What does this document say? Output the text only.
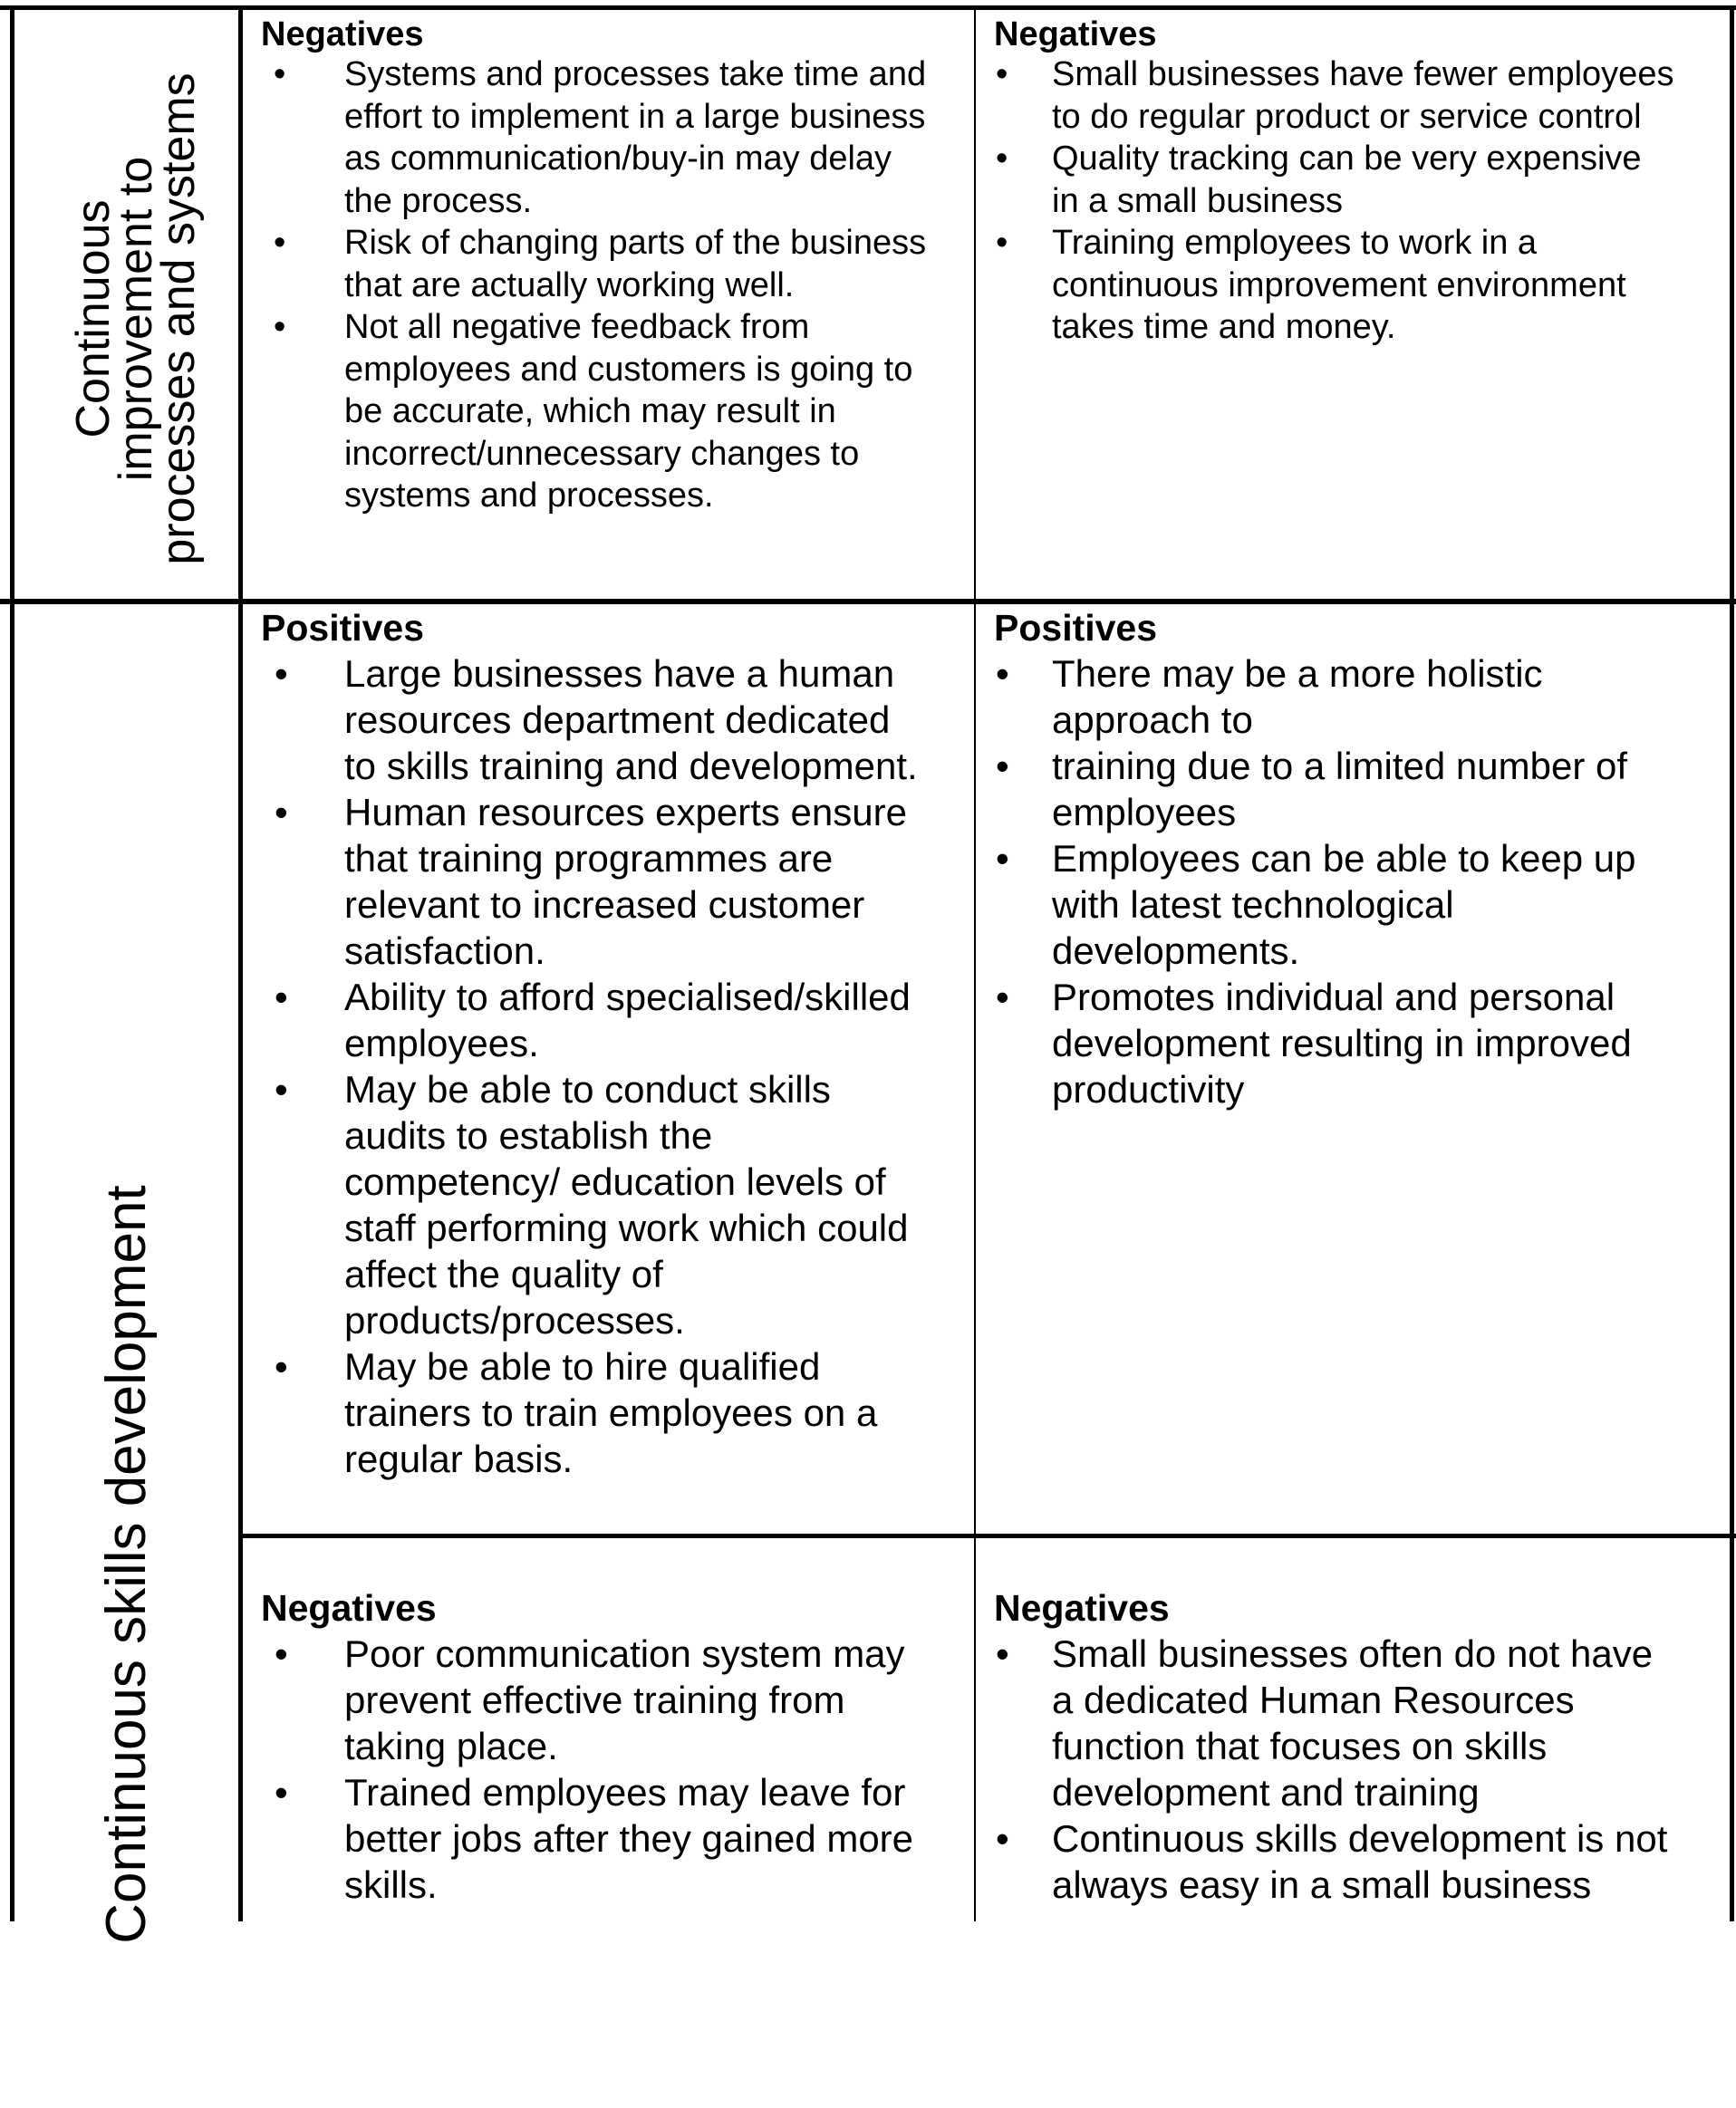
Continuous
improvement to
processes and systems
Continuous skills development
Negatives
• Systems and processes take time and
effort to implement in a large business
as communication/buy-in may delay
the process.
• Risk of changing parts of the business
that are actually working well.
• Not all negative feedback from
employees and customers is going to
be accurate, which may result in
incorrect/unnecessary changes to
systems and processes.
Negatives
• Small businesses have fewer employees
to do regular product or service control
• Quality tracking can be very expensive
in a small business
• Training employees to work in a
continuous improvement environment
takes time and money.
Positives
• Large businesses have a human
resources department dedicated
to skills training and development.
• Human resources experts ensure
that training programmes are
relevant to increased customer
satisfaction.
• Ability to afford specialised/skilled
employees.
• May be able to conduct skills
audits to establish the
competency/ education levels of
staff performing work which could
affect the quality of
products/processes.
• May be able to hire qualified
trainers to train employees on a
regular basis.
Positives
• There may be a more holistic
approach to
• training due to a limited number of
employees
• Employees can be able to keep up
with latest technological
developments.
• Promotes individual and personal
development resulting in improved
productivity
Negatives
• Poor communication system may
prevent effective training from
taking place.
• Trained employees may leave for
better jobs after they gained more
skills.
Negatives
• Small businesses often do not have
a dedicated Human Resources
function that focuses on skills
development and training
• Continuous skills development is not
always easy in a small business
